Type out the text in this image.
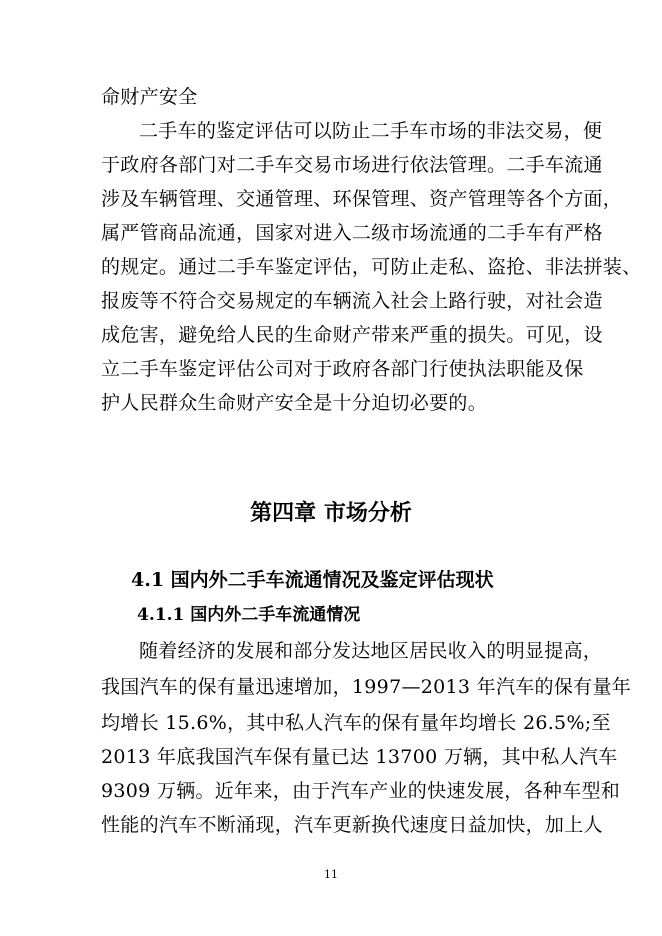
命财产安全
二手车的鉴定评估可以防止二手车市场的非法交易，便
于政府各部门对二手车交易市场进行依法管理。二手车流通
涉及车辆管理、交通管理、环保管理、资产管理等各个方面，
属严管商品流通，国家对进入二级市场流通的二手车有严格
的规定。通过二手车鉴定评估，可防止走私、盗抢、非法拼装、
报废等不符合交易规定的车辆流入社会上路行驶，对社会造
成危害，避免给人民的生命财产带来严重的损失。可见，设
立二手车鉴定评估公司对于政府各部门行使执法职能及保
护人民群众生命财产安全是十分迫切必要的。
第四章 市场分析
4.1 国内外二手车流通情况及鉴定评估现状
4.1.1 国内外二手车流通情况
随着经济的发展和部分发达地区居民收入的明显提高，
我国汽车的保有量迅速增加，1997—2013 年汽车的保有量年
均增长 15.6%，其中私人汽车的保有量年均增长 26.5%;至
2013 年底我国汽车保有量已达 13700 万辆，其中私人汽车
9309 万辆。近年来，由于汽车产业的快速发展，各种车型和
性能的汽车不断涌现，汽车更新换代速度日益加快，加上人
11
